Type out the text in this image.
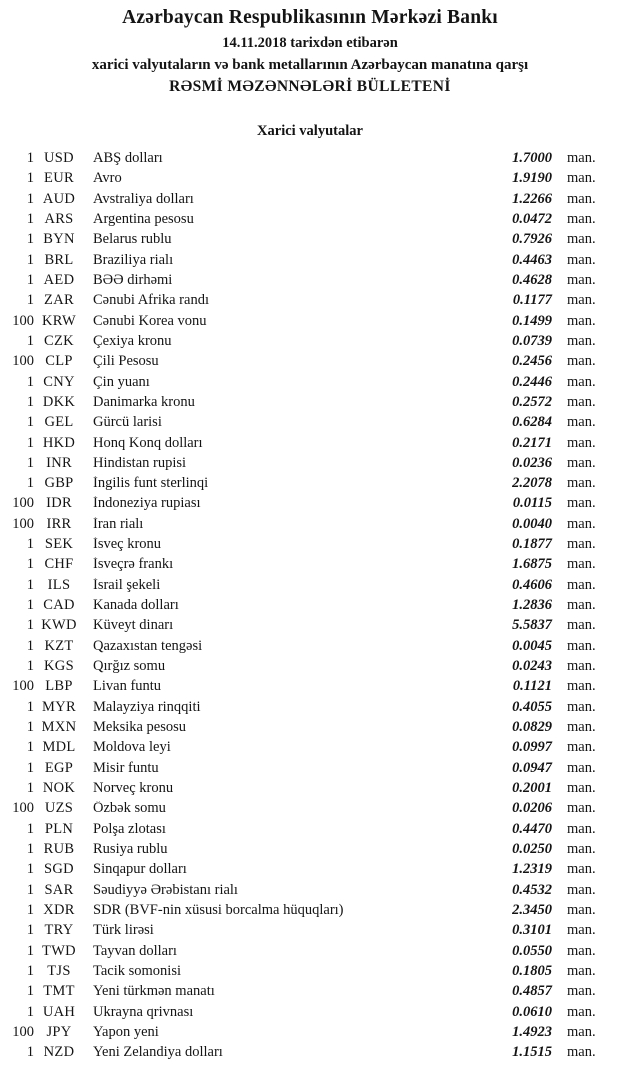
Azərbaycan Respublikasının Mərkəzi Bankı
14.11.2018 tarixdən etibarən
xarici valyutaların və bank metallarının Azərbaycan manatına qarşı
RƏSMİ MƏZƏNNƏLƏRİ BÜLLETENİ
Xarici valyutalar
1 USD	ABŞ dolları	1.7000	man.
1 EUR	Avro	1.9190	man.
1 AUD	Avstraliya dolları	1.2266	man.
1 ARS	Argentina pesosu	0.0472	man.
1 BYN	Belarus rublu	0.7926	man.
1 BRL	Braziliya rialı	0.4463	man.
1 AED	BƏƏ dirhəmi	0.4628	man.
1 ZAR	Cənubi Afrika randı	0.1177	man.
100 KRW	Cənubi Korea vonu	0.1499	man.
1 CZK	Çexiya kronu	0.0739	man.
100 CLP	Çili Pesosu	0.2456	man.
1 CNY	Çin yuanı	0.2446	man.
1 DKK	Danimarka kronu	0.2572	man.
1 GEL	Gürcü larisi	0.6284	man.
1 HKD	Honq Konq dolları	0.2171	man.
1 INR	Hindistan rupisi	0.0236	man.
1 GBP	İngilis funt sterlinqi	2.2078	man.
100 IDR	İndoneziya rupiası	0.0115	man.
100 IRR	İran rialı	0.0040	man.
1 SEK	İsveç kronu	0.1877	man.
1 CHF	İsveçrə frankı	1.6875	man.
1 ILS	İsrail şekeli	0.4606	man.
1 CAD	Kanada dolları	1.2836	man.
1 KWD	Küveyt dinarı	5.5837	man.
1 KZT	Qazaxıstan tengəsi	0.0045	man.
1 KGS	Qırğız somu	0.0243	man.
100 LBP	Livan funtu	0.1121	man.
1 MYR	Malayziya rinqqiti	0.4055	man.
1 MXN	Meksika pesosu	0.0829	man.
1 MDL	Moldova leyi	0.0997	man.
1 EGP	Misir funtu	0.0947	man.
1 NOK	Norveç kronu	0.2001	man.
100 UZS	Özbək somu	0.0206	man.
1 PLN	Polşa zlotası	0.4470	man.
1 RUB	Rusiya rublu	0.0250	man.
1 SGD	Sinqapur dolları	1.2319	man.
1 SAR	Səudiyyə Ərəbistanı rialı	0.4532	man.
1 XDR	SDR (BVF-nin xüsusi borcalma hüquqları)	2.3450	man.
1 TRY	Türk lirəsi	0.3101	man.
1 TWD	Tayvan dolları	0.0550	man.
1 TJS	Tacik somonisi	0.1805	man.
1 TMT	Yeni türkmən manatı	0.4857	man.
1 UAH	Ukrayna qrivnası	0.0610	man.
100 JPY	Yapon yeni	1.4923	man.
1 NZD	Yeni Zelandiya dolları	1.1515	man.
